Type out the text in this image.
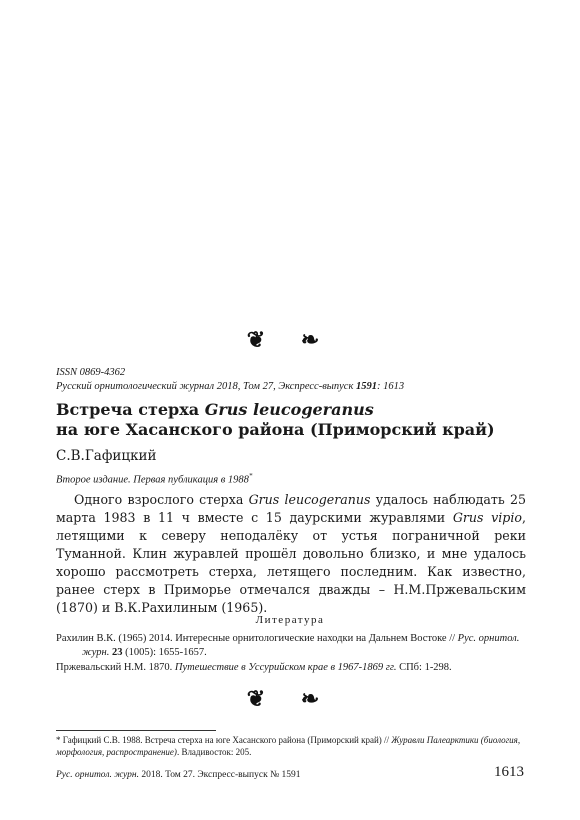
❦ ❧
ISSN 0869-4362
Русский орнитологический журнал 2018, Том 27, Экспресс-выпуск 1591: 1613
Встреча стерха Grus leucogeranus
на юге Хасанского района (Приморский край)
С.В.Гафицкий
Второе издание. Первая публикация в 1988*

Одного взрослого стерха Grus leucogeranus удалось наблюдать 25 марта 1983 в 11 ч вместе с 15 даурскими журавлями Grus vipio, летящими к северу неподалёку от устья пограничной реки Туманной. Клин журавлей прошёл довольно близко, и мне удалось хорошо рассмотреть стерха, летящего последним. Как известно, ранее стерх в Приморье отмечался дважды – Н.М.Пржевальским (1870) и В.К.Рахилиным (1965).

Литература
Рахилин В.К. (1965) 2014. Интересные орнитологические находки на Дальнем Востоке // Рус. орнитол. журн. 23 (1005): 1655-1657.
Пржевальский Н.М. 1870. Путешествие в Уссурийском крае в 1967-1869 гг. СПб: 1-298.
❦ ❧
* Гафицкий С.В. 1988. Встреча стерха на юге Хасанского района (Приморский край) // Журавли Палеарктики (биология, морфология, распространение). Владивосток: 205.
Рус. орнитол. журн. 2018. Том 27. Экспресс-выпуск № 1591	1613
